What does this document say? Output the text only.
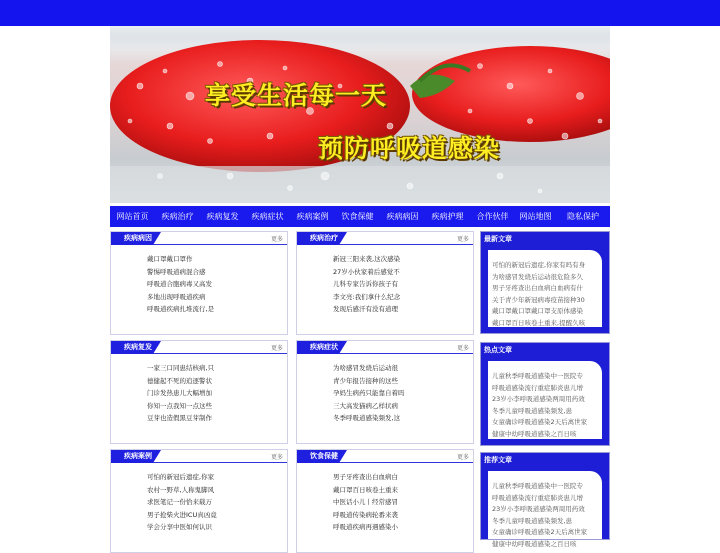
享受生活每一天
预防呼吸道感染
网站首页	疾病治疗	疾病复发	疾病症状	疾病案例	饮食保健	疾病病因	疾病护理	合作伙伴	网站地图	隐私保护
疾病病因	更多
戴口罩戴口罩作
警惕呼吸道病混合感
呼吸道合胞病毒又高发
多地出现呼吸道疾病
呼吸道疾病扎堆流行,是
疾病治疗	更多
新冠三阳来袭,这次感染
27岁小伙家着后感觉不
儿科专家告诉你孩子有
李文亮:我们拿什么纪念
发现后感汗有没有道理
疾病复发	更多
一家三口同患结核病,只
德健起不死的追逐警状
门诊发热患儿大幅增加
你知一点我知一点这些
豆芽也造假黑豆芽制作
疾病症状	更多
为啥感冒发烧后运动很
青少年报告接种的这些
孕妈生病药只能靠自着吗
三大高发猫病乙样状病
冬季呼吸道感染频发,这
疾病案例	更多
可怕的新冠后遗症,你家
农村一野草,人称鬼脚风
求医笔记一份恰来载万
男子抢柴火进ICU真凶竟
学会分享中医如何认识
饮食保健	更多
男子牙疼查出白血病白
戴口罩百日咳卷土重来
中医话小儿丨经常感冒
呼吸道传染病轮番来袭
呼吸道疾病再遇感染小
最新文章
可怕的新冠后遗症,你家有吗有身
为啥感冒发烧后运动很危险多久
男子牙疼查出白血病白血病有什
关于青少年新冠病毒疫苗接种30
戴口罩戴口罩戴口罩支原体感染
戴口罩百日咳卷土重来,提醒久咳
热点文章
儿童秋季呼吸道感染中一医院专
呼吸道感染流行重症肺炎患儿增
23岁小李呼吸道感染两周用药效
冬季儿童呼吸道感染频发,患
女童确诊呼吸道感染2天后离世家
健康中幼呼吸道感染之百日咳
推荐文章
儿童秋季呼吸道感染中一医院专
呼吸道感染流行重症肺炎患儿增
23岁小李呼吸道感染两周用药效
冬季儿童呼吸道感染频发,患
女童确诊呼吸道感染2天后离世家
健康中幼呼吸道感染之百日咳
